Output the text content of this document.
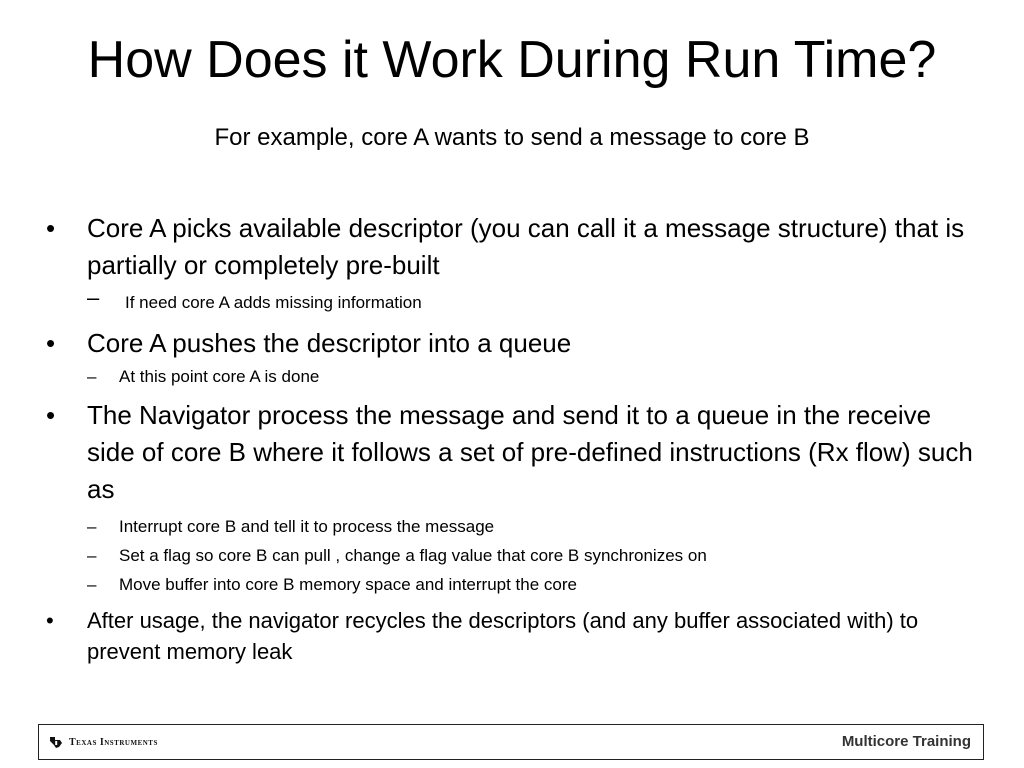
How Does it Work During Run Time?
For example, core A wants to send a message to core B
• Core A picks available descriptor (you can call it a message structure) that is partially or completely pre-built
– If need core A adds missing information
• Core A pushes the descriptor into a queue
– At this point core A is done
• The Navigator process the message and send it to a queue in the receive side of core B where it follows a set of pre-defined instructions (Rx flow) such as
– Interrupt core B and tell it to process the message
– Set a flag so core B can pull , change a flag value that core B synchronizes on
– Move buffer into core B memory space and interrupt the core
• After usage, the navigator recycles the descriptors (and any buffer associated with) to prevent memory leak
Texas Instruments	Multicore Training
